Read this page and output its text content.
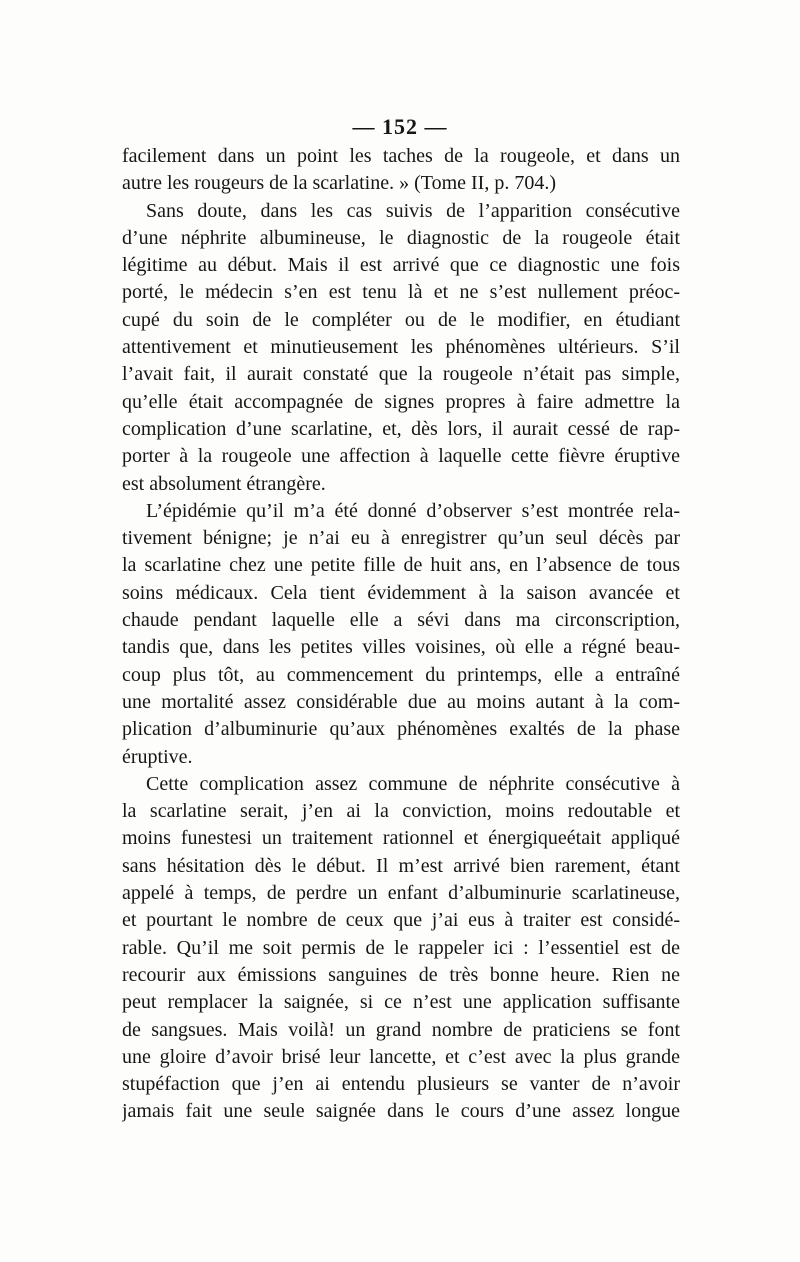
— 152 —
facilement dans un point les taches de la rougeole, et dans un
autre les rougeurs de la scarlatine. » (Tome II, p. 704.)
Sans doute, dans les cas suivis de l’apparition consécutive
d’une néphrite albumineuse, le diagnostic de la rougeole était
légitime au début. Mais il est arrivé que ce diagnostic une fois
porté, le médecin s’en est tenu là et ne s’est nullement préoc-
cupé du soin de le compléter ou de le modifier, en étudiant
attentivement et minutieusement les phénomènes ultérieurs. S’il
l’avait fait, il aurait constaté que la rougeole n’était pas simple,
qu’elle était accompagnée de signes propres à faire admettre la
complication d’une scarlatine, et, dès lors, il aurait cessé de rap-
porter à la rougeole une affection à laquelle cette fièvre éruptive
est absolument étrangère.
L’épidémie qu’il m’a été donné d’observer s’est montrée rela-
tivement bénigne; je n’ai eu à enregistrer qu’un seul décès par
la scarlatine chez une petite fille de huit ans, en l’absence de tous
soins médicaux. Cela tient évidemment à la saison avancée et
chaude pendant laquelle elle a sévi dans ma circonscription,
tandis que, dans les petites villes voisines, où elle a régné beau-
coup plus tôt, au commencement du printemps, elle a entraîné
une mortalité assez considérable due au moins autant à la com-
plication d’albuminurie qu’aux phénomènes exaltés de la phase
éruptive.
Cette complication assez commune de néphrite consécutive à
la scarlatine serait, j’en ai la conviction, moins redoutable et
moins funestesi un traitement rationnel et énergiqueétait appliqué
sans hésitation dès le début. Il m’est arrivé bien rarement, étant
appelé à temps, de perdre un enfant d’albuminurie scarlatineuse,
et pourtant le nombre de ceux que j’ai eus à traiter est considé-
rable. Qu’il me soit permis de le rappeler ici : l’essentiel est de
recourir aux émissions sanguines de très bonne heure. Rien ne
peut remplacer la saignée, si ce n’est une application suffisante
de sangsues. Mais voilà! un grand nombre de praticiens se font
une gloire d’avoir brisé leur lancette, et c’est avec la plus grande
stupéfaction que j’en ai entendu plusieurs se vanter de n’avoir
jamais fait une seule saignée dans le cours d’une assez longue
